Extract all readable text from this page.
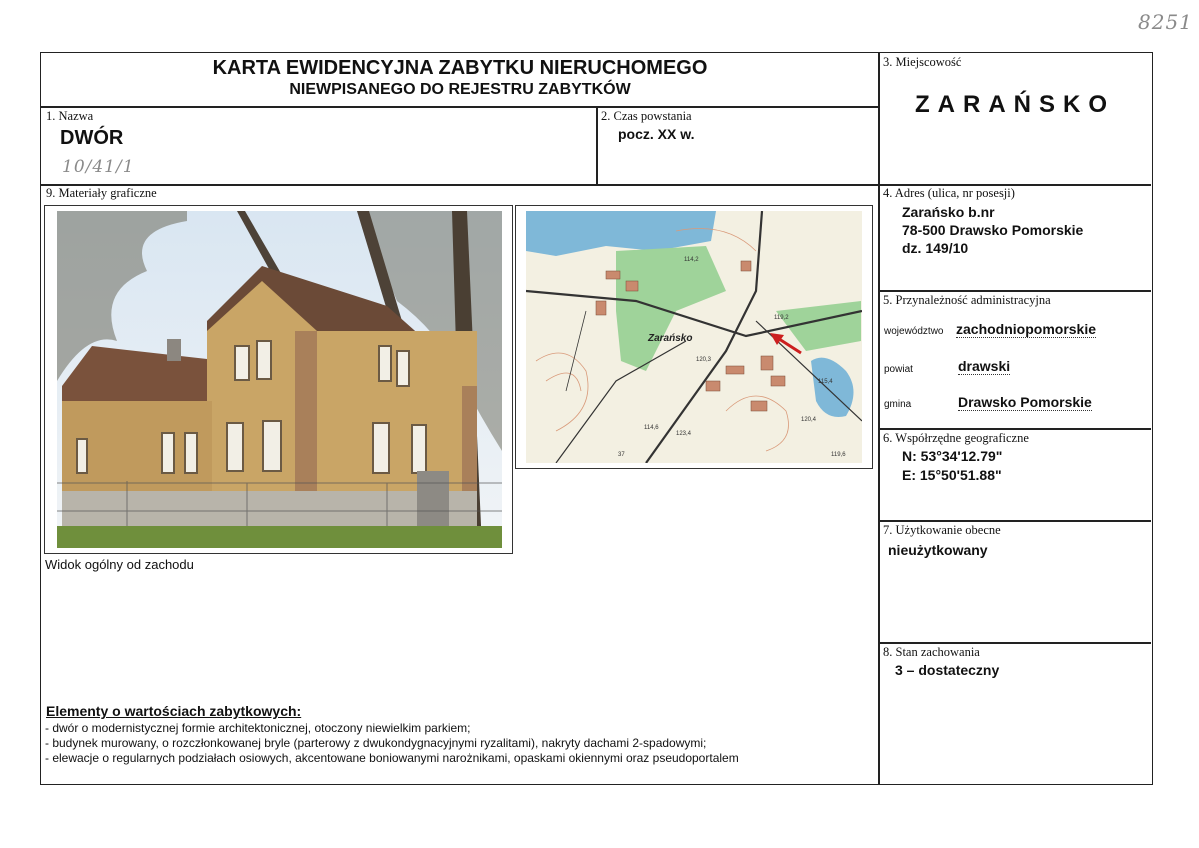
8251
KARTA EWIDENCYJNA ZABYTKU NIERUCHOMEGO
NIEWPISANEGO DO REJESTRU ZABYTKÓW
1. Nazwa
DWÓR
10/41/1
2. Czas powstania
pocz. XX w.
3. Miejscowość
ZARAŃSKO
9. Materiały graficzne
Widok ogólny od zachodu
Zarańsko
114,2
119,2
120,3
114,6
123,4
120,4
115,4
119,6
37
Elementy o wartościach zabytkowych:
- dwór o modernistycznej formie architektonicznej, otoczony niewielkim parkiem;
- budynek murowany, o rozczłonkowanej bryle (parterowy z dwukondygnacyjnymi ryzalitami), nakryty dachami 2-spadowymi;
- elewacje o regularnych podziałach osiowych, akcentowane boniowanymi narożnikami, opaskami okiennymi oraz pseudoportalem
4. Adres (ulica, nr posesji)
Zarańsko b.nr
78-500 Drawsko Pomorskie
dz. 149/10
5. Przynależność administracyjna
województwo zachodniopomorskie
powiat	drawski
gmina	Drawsko Pomorskie
6. Współrzędne geograficzne
N: 53°34'12.79"
E: 15°50'51.88"
7. Użytkowanie obecne
nieużytkowany
8. Stan zachowania
3 – dostateczny
